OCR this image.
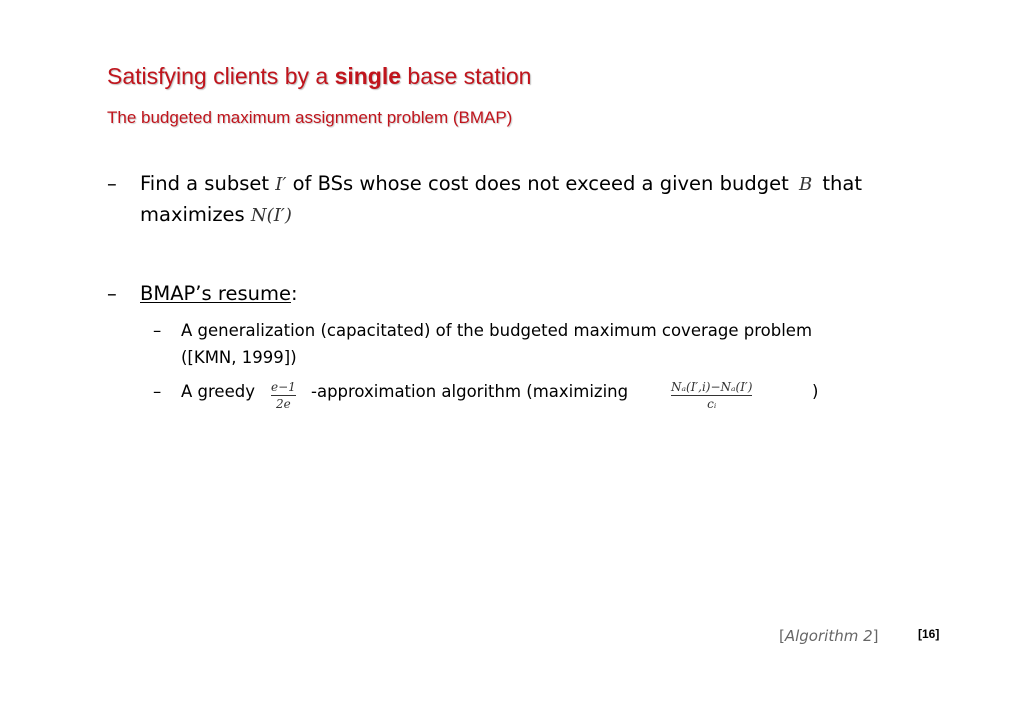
Satisfying clients by a single base station
The budgeted maximum assignment problem (BMAP)
– Find a subset I′ of BSs whose cost does not exceed a given budget B that
maximizes N(I′)
– BMAP’s resume:
– A generalization (capacitated) of the budgeted maximum coverage problem
([KMN, 1999])
– A greedy e−1
2e
-approximation algorithm (maximizing	Nₐ(I′,i)−Nₐ(I′)
cᵢ
)
[Algorithm 2]	[16]
